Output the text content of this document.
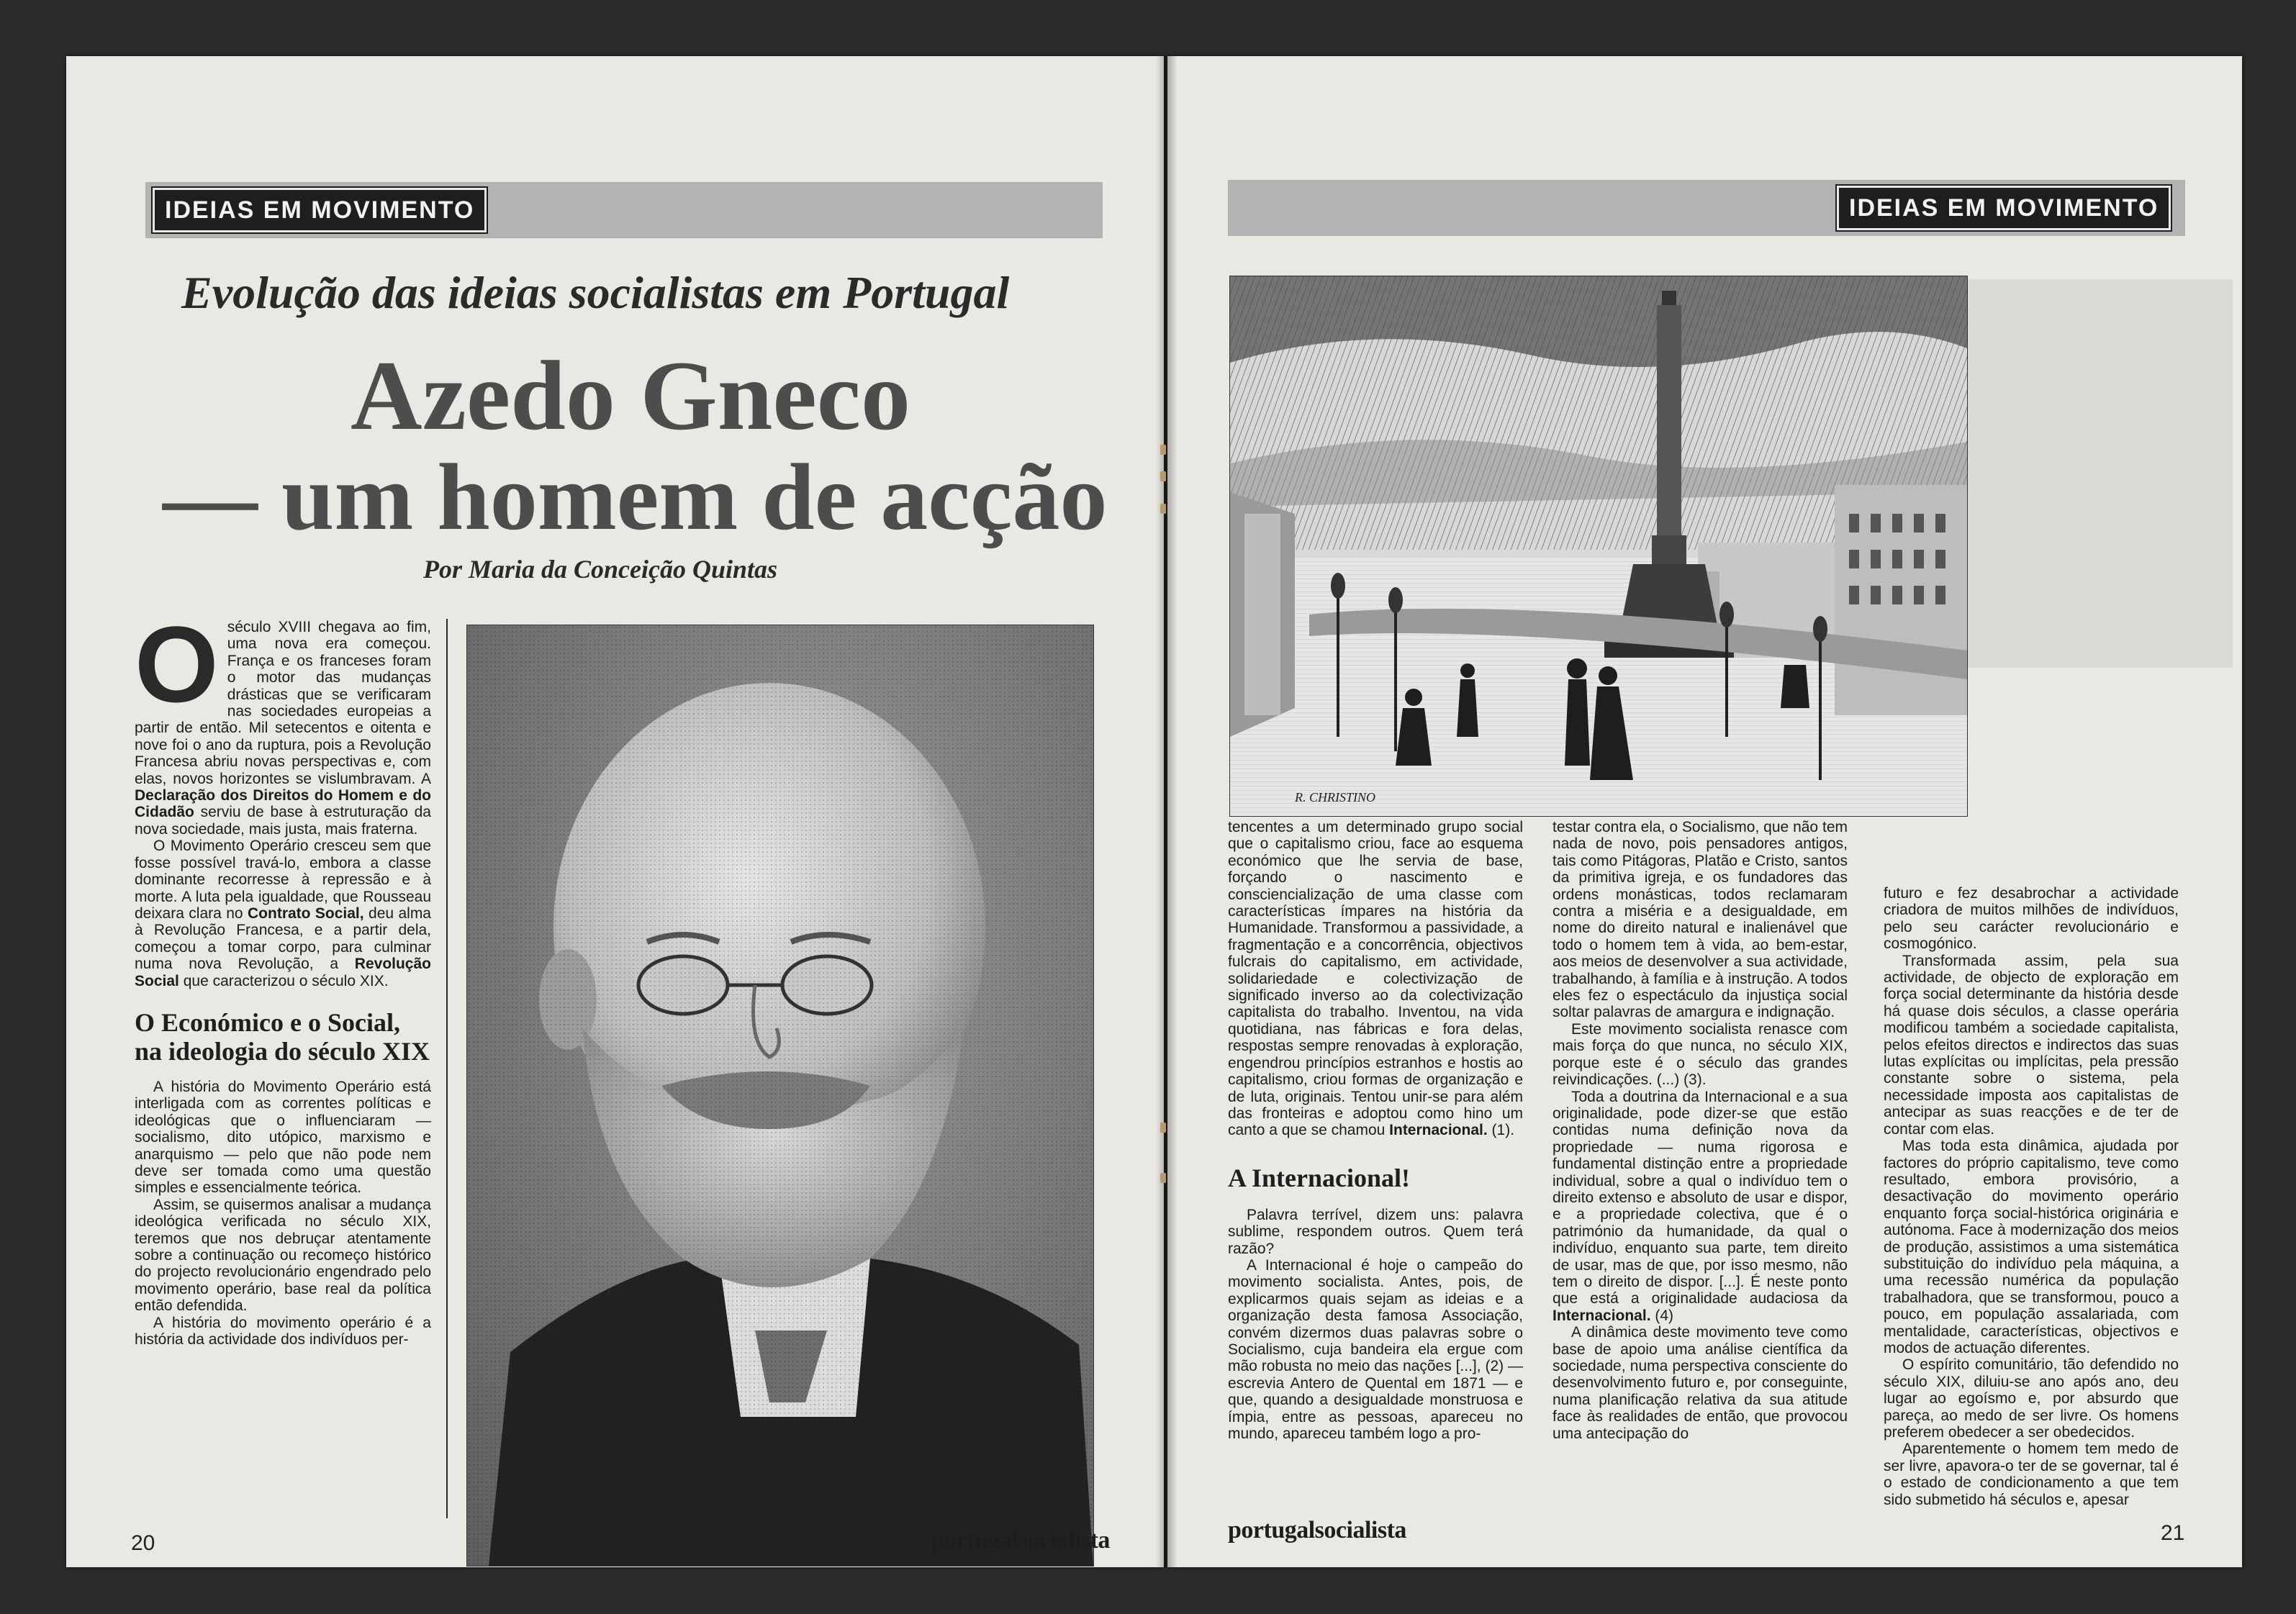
IDEIAS EM MOVIMENTO
Evolução das ideias socialistas em Portugal
Azedo Gneco
— um homem de acção
Por Maria da Conceição Quintas

Oséculo XVIII chegava ao fim, uma nova era começou. França e os franceses foram o motor das mudanças drásticas que se verificaram nas sociedades europeias a partir de então. Mil setecentos e oitenta e nove foi o ano da ruptura, pois a Revolução Francesa abriu novas perspectivas e, com elas, novos horizontes se vislumbravam. A Declaração dos Direitos do Homem e do Cidadão serviu de base à estruturação da nova sociedade, mais justa, mais fraterna.

O Movimento Operário cresceu sem que fosse possível travá-lo, embora a classe dominante recorresse à repressão e à morte. A luta pela igualdade, que Rousseau deixara clara no Contrato Social, deu alma à Revolução Francesa, e a partir dela, começou a tomar corpo, para culminar numa nova Revolução, a Revolução Social que caracterizou o século XIX.

O Económico e o Social, na ideologia do século XIX

A história do Movimento Operário está interligada com as correntes políticas e ideológicas que o influenciaram — socialismo, dito utópico, marxismo e anarquismo — pelo que não pode nem deve ser tomada como uma questão simples e essencialmente teórica.

Assim, se quisermos analisar a mudança ideológica verificada no século XIX, teremos que nos debruçar atentamente sobre a continuação ou recomeço histórico do projecto revolucionário engendrado pelo movimento operário, base real da política então defendida.

A história do movimento operário é a história da actividade dos indivíduos per-

20	portugalsocialista
IDEIAS EM MOVIMENTO
R. CHRISTINO

tencentes a um determinado grupo social que o capitalismo criou, face ao esquema económico que lhe servia de base, forçando o nascimento e consciencialização de uma classe com características ímpares na história da Humanidade. Transformou a passividade, a fragmentação e a concorrência, objectivos fulcrais do capitalismo, em actividade, solidariedade e colectivização de significado inverso ao da colectivização capitalista do trabalho. Inventou, na vida quotidiana, nas fábricas e fora delas, respostas sempre renovadas à exploração, engendrou princípios estranhos e hostis ao capitalismo, criou formas de organização e de luta, originais. Tentou unir-se para além das fronteiras e adoptou como hino um canto a que se chamou Internacional. (1).

A Internacional!

Palavra terrível, dizem uns: palavra sublime, respondem outros. Quem terá razão?

A Internacional é hoje o campeão do movimento socialista. Antes, pois, de explicarmos quais sejam as ideias e a organização desta famosa Associação, convém dizermos duas palavras sobre o Socialismo, cuja bandeira ela ergue com mão robusta no meio das nações [...], (2) — escrevia Antero de Quental em 1871 — e que, quando a desigualdade monstruosa e ímpia, entre as pessoas, apareceu no mundo, apareceu também logo a pro-

testar contra ela, o Socialismo, que não tem nada de novo, pois pensadores antigos, tais como Pitágoras, Platão e Cristo, santos da primitiva igreja, e os fundadores das ordens monásticas, todos reclamaram contra a miséria e a desigualdade, em nome do direito natural e inalienável que todo o homem tem à vida, ao bem-estar, aos meios de desenvolver a sua actividade, trabalhando, à família e à instrução. A todos eles fez o espectáculo da injustiça social soltar palavras de amargura e indignação.

Este movimento socialista renasce com mais força do que nunca, no século XIX, porque este é o século das grandes reivindicações. (...) (3).

Toda a doutrina da Internacional e a sua originalidade, pode dizer-se que estão contidas numa definição nova da propriedade — numa rigorosa e fundamental distinção entre a propriedade individual, sobre a qual o indivíduo tem o direito extenso e absoluto de usar e dispor, e a propriedade colectiva, que é o património da humanidade, da qual o indivíduo, enquanto sua parte, tem direito de usar, mas de que, por isso mesmo, não tem o direito de dispor. [...]. É neste ponto que está a originalidade audaciosa da Internacional. (4)

A dinâmica deste movimento teve como base de apoio uma análise científica da sociedade, numa perspectiva consciente do desenvolvimento futuro e, por conseguinte, numa planificação relativa da sua atitude face às realidades de então, que provocou uma antecipação do

futuro e fez desabrochar a actividade criadora de muitos milhões de indivíduos, pelo seu carácter revolucionário e cosmogónico.

Transformada assim, pela sua actividade, de objecto de exploração em força social determinante da história desde há quase dois séculos, a classe operária modificou também a sociedade capitalista, pelos efeitos directos e indirectos das suas lutas explícitas ou implícitas, pela pressão constante sobre o sistema, pela necessidade imposta aos capitalistas de antecipar as suas reacções e de ter de contar com elas.

Mas toda esta dinâmica, ajudada por factores do próprio capitalismo, teve como resultado, embora provisório, a desactivação do movimento operário enquanto força social-histórica originária e autónoma. Face à modernização dos meios de produção, assistimos a uma sistemática substituição do indivíduo pela máquina, a uma recessão numérica da população trabalhadora, que se transformou, pouco a pouco, em população assalariada, com mentalidade, características, objectivos e modos de actuação diferentes.

O espírito comunitário, tão defendido no século XIX, diluiu-se ano após ano, deu lugar ao egoísmo e, por absurdo que pareça, ao medo de ser livre. Os homens preferem obedecer a ser obedecidos.

Aparentemente o homem tem medo de ser livre, apavora-o ter de se governar, tal é o estado de condicionamento a que tem sido submetido há séculos e, apesar

portugalsocialista	21
